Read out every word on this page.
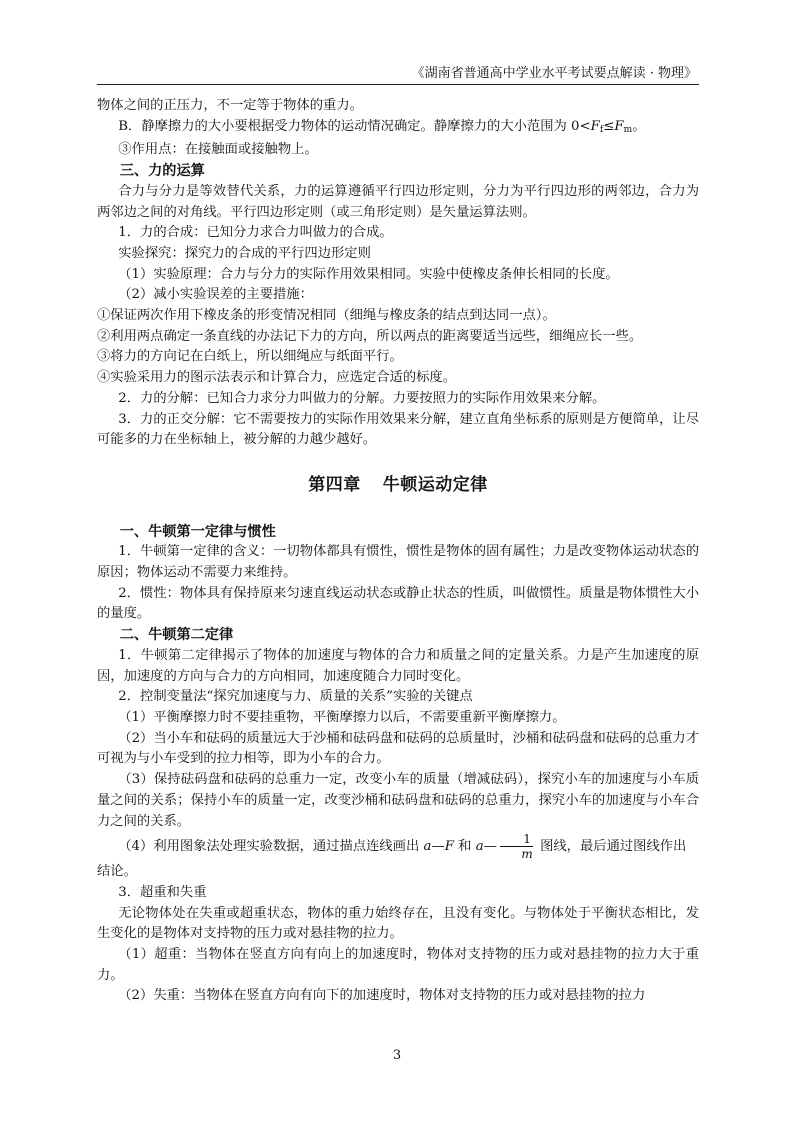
《湖南省普通高中学业水平考试要点解读 · 物理》

物体之间的正压力，不一定等于物体的重力。

B．静摩擦力的大小要根据受力物体的运动情况确定。静摩擦力的大小范围为 $0<F_f\le F_m$。

③作用点：在接触面或接触物上。

三、力的运算

合力与分力是等效替代关系，力的运算遵循平行四边形定则，分力为平行四边形的两邻边，合力为两邻边之间的对角线。平行四边形定则（或三角形定则）是矢量运算法则。

1．力的合成：已知分力求合力叫做力的合成。

实验探究：探究力的合成的平行四边形定则

（1）实验原理：合力与分力的实际作用效果相同。实验中使橡皮条伸长相同的长度。

（2）减小实验误差的主要措施：

①保证两次作用下橡皮条的形变情况相同（细绳与橡皮条的结点到达同一点）。

②利用两点确定一条直线的办法记下力的方向，所以两点的距离要适当远些，细绳应长一些。

③将力的方向记在白纸上，所以细绳应与纸面平行。

④实验采用力的图示法表示和计算合力，应选定合适的标度。

2．力的分解：已知合力求分力叫做力的分解。力要按照力的实际作用效果来分解。

3．力的正交分解：它不需要按力的实际作用效果来分解，建立直角坐标系的原则是方便简单，让尽可能多的力在坐标轴上，被分解的力越少越好。

第四章 牛顿运动定律

一、牛顿第一定律与惯性

1．牛顿第一定律的含义：一切物体都具有惯性，惯性是物体的固有属性；力是改变物体运动状态的原因；物体运动不需要力来维持。

2．惯性：物体具有保持原来匀速直线运动状态或静止状态的性质，叫做惯性。质量是物体惯性大小的量度。

二、牛顿第二定律

1．牛顿第二定律揭示了物体的加速度与物体的合力和质量之间的定量关系。力是产生加速度的原因，加速度的方向与合力的方向相同，加速度随合力同时变化。

2．控制变量法“探究加速度与力、质量的关系”实验的关键点

（1）平衡摩擦力时不要挂重物，平衡摩擦力以后，不需要重新平衡摩擦力。

（2）当小车和砝码的质量远大于沙桶和砝码盘和砝码的总质量时，沙桶和砝码盘和砝码的总重力才可视为与小车受到的拉力相等，即为小车的合力。

（3）保持砝码盘和砝码的总重力一定，改变小车的质量（增减砝码），探究小车的加速度与小车质量之间的关系；保持小车的质量一定，改变沙桶和砝码盘和砝码的总重力，探究小车的加速度与小车合力之间的关系。

（4）利用图象法处理实验数据，通过描点连线画出 a—F 和 a— $\frac{1}{m}$ 图线，最后通过图线作出

结论。

3．超重和失重

无论物体处在失重或超重状态，物体的重力始终存在，且没有变化。与物体处于平衡状态相比，发生变化的是物体对支持物的压力或对悬挂物的拉力。

（1）超重：当物体在竖直方向有向上的加速度时，物体对支持物的压力或对悬挂物的拉力大于重力。

（2）失重：当物体在竖直方向有向下的加速度时，物体对支持物的压力或对悬挂物的拉力

3
